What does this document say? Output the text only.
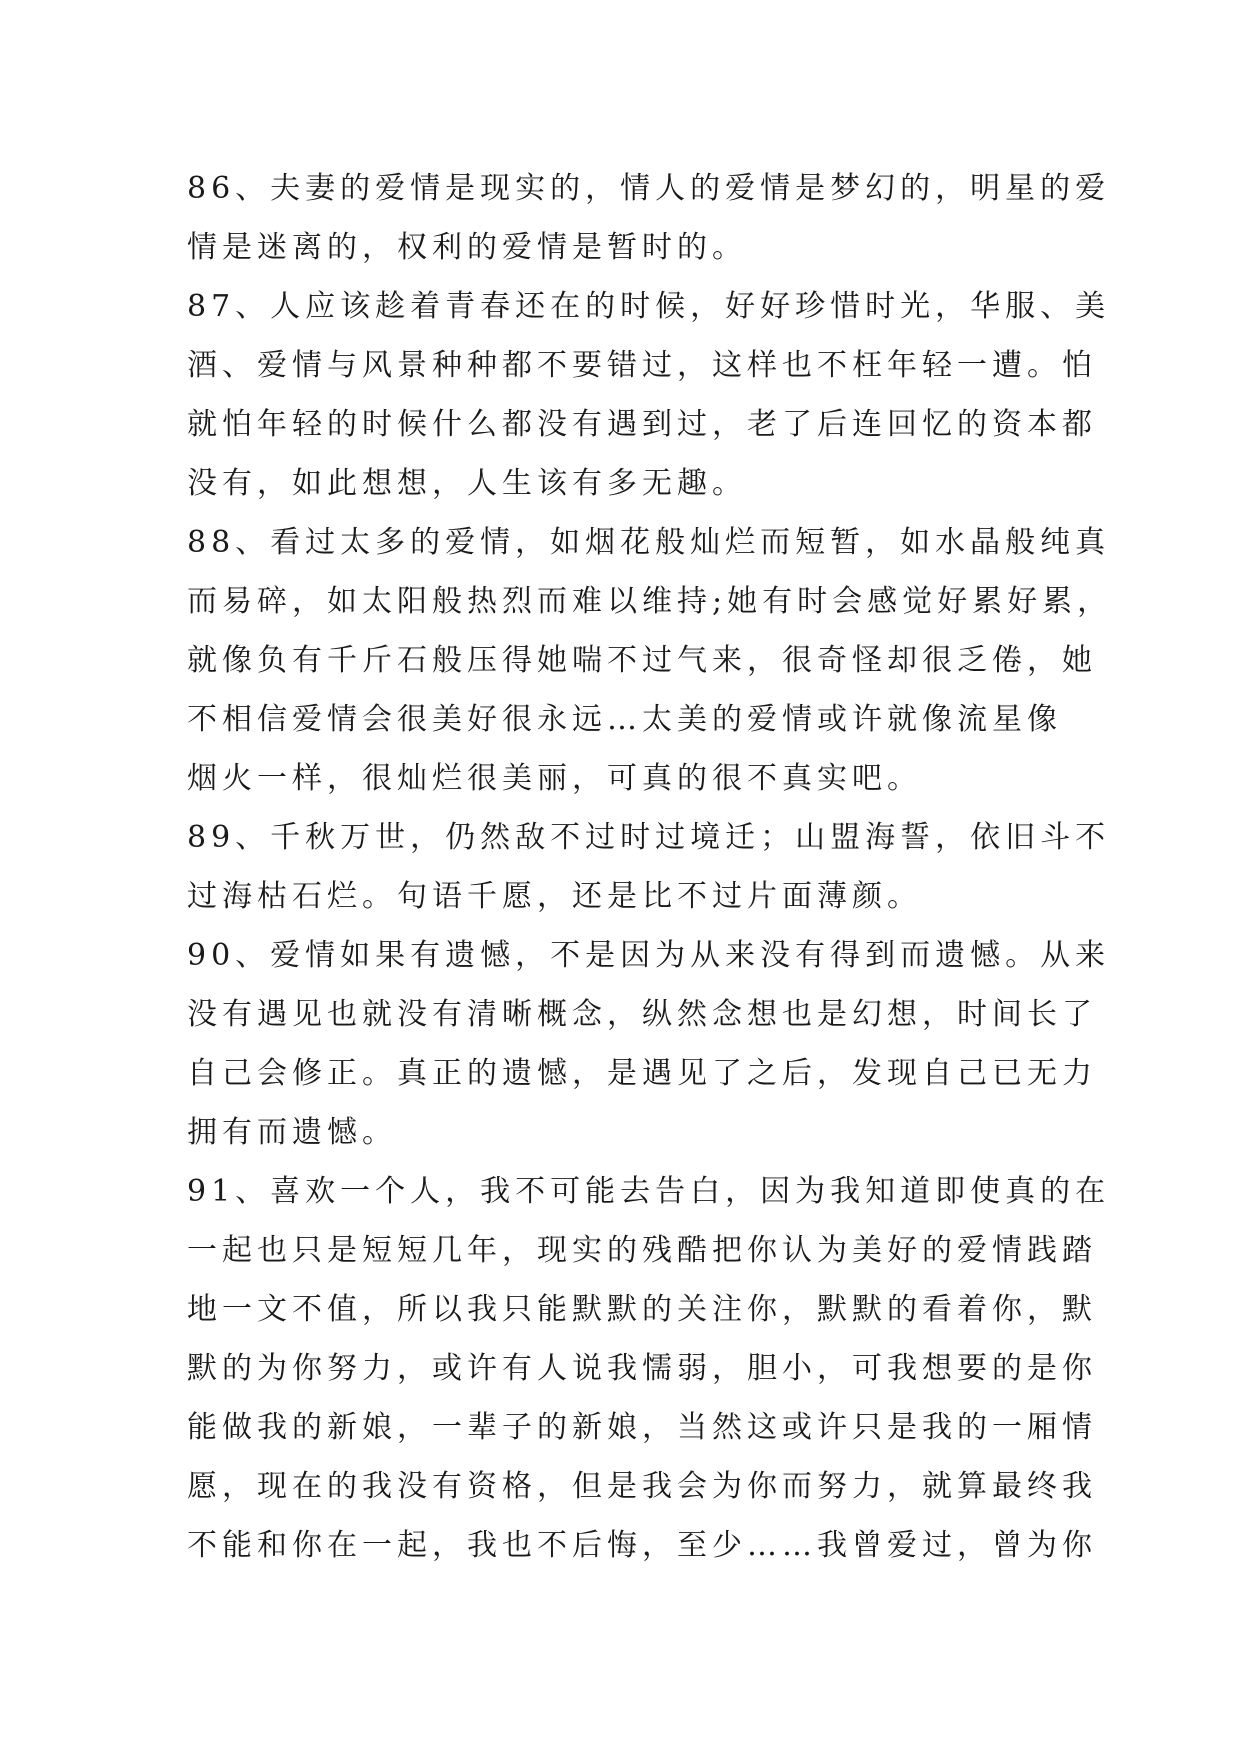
86、夫妻的爱情是现实的，情人的爱情是梦幻的，明星的爱
情是迷离的，权利的爱情是暂时的。
87、人应该趁着青春还在的时候，好好珍惜时光，华服、美
酒、爱情与风景种种都不要错过，这样也不枉年轻一遭。怕
就怕年轻的时候什么都没有遇到过，老了后连回忆的资本都
没有，如此想想，人生该有多无趣。
88、看过太多的爱情，如烟花般灿烂而短暂，如水晶般纯真
而易碎，如太阳般热烈而难以维持;她有时会感觉好累好累，
就像负有千斤石般压得她喘不过气来，很奇怪却很乏倦，她
不相信爱情会很美好很永远…太美的爱情或许就像流星像
烟火一样，很灿烂很美丽，可真的很不真实吧。
89、千秋万世，仍然敌不过时过境迁；山盟海誓，依旧斗不
过海枯石烂。句语千愿，还是比不过片面薄颜。
90、爱情如果有遗憾，不是因为从来没有得到而遗憾。从来
没有遇见也就没有清晰概念，纵然念想也是幻想，时间长了
自己会修正。真正的遗憾，是遇见了之后，发现自己已无力
拥有而遗憾。
91、喜欢一个人，我不可能去告白，因为我知道即使真的在
一起也只是短短几年，现实的残酷把你认为美好的爱情践踏
地一文不值，所以我只能默默的关注你，默默的看着你，默
默的为你努力，或许有人说我懦弱，胆小，可我想要的是你
能做我的新娘，一辈子的新娘，当然这或许只是我的一厢情
愿，现在的我没有资格，但是我会为你而努力，就算最终我
不能和你在一起，我也不后悔，至少……我曾爱过，曾为你
